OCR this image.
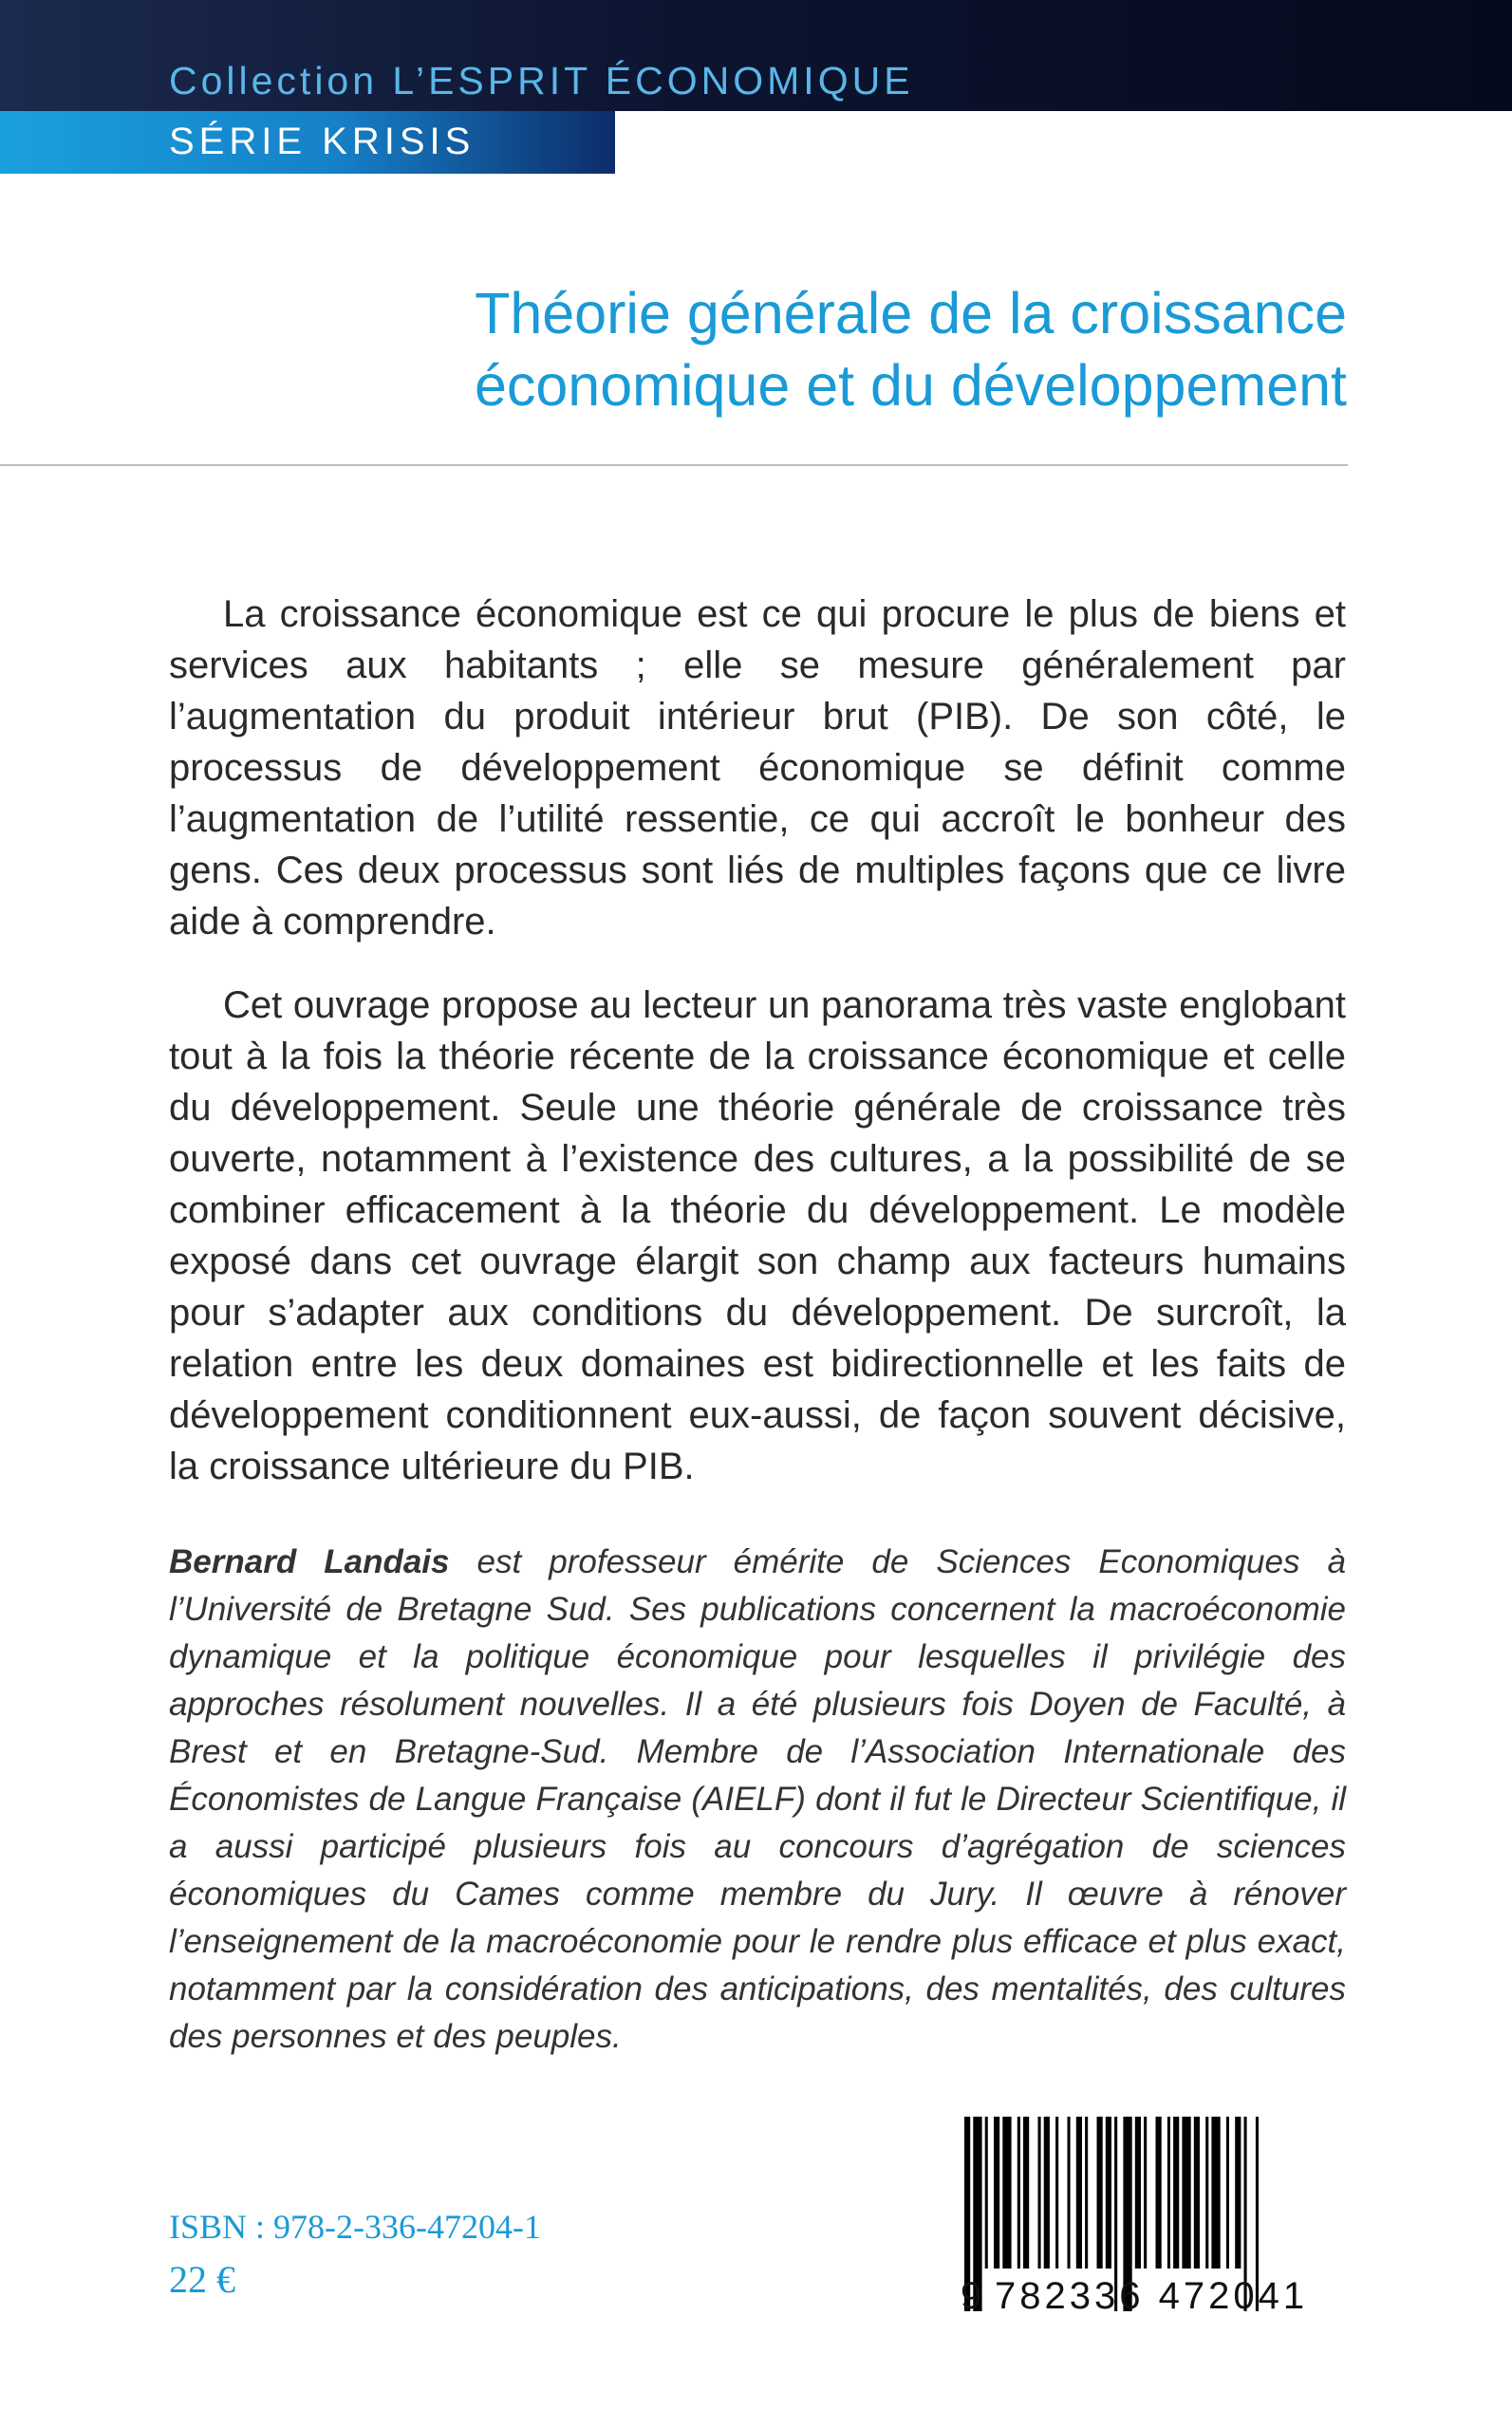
Collection L’ESPRIT ÉCONOMIQUE
SÉRIE KRISIS
Théorie générale de la croissance
économique et du développement

La croissance économique est ce qui procure le plus de biens et services aux habitants ; elle se mesure généralement par l’augmentation du produit intérieur brut (PIB). De son côté, le processus de développement économique se définit comme l’augmentation de l’utilité ressentie, ce qui accroît le bonheur des gens. Ces deux processus sont liés de multiples façons que ce livre aide à comprendre.

Cet ouvrage propose au lecteur un panorama très vaste englobant tout à la fois la théorie récente de la croissance économique et celle du développement. Seule une théorie générale de croissance très ouverte, notamment à l’existence des cultures, a la possibilité de se combiner efficacement à la théorie du développement. Le modèle exposé dans cet ouvrage élargit son champ aux facteurs humains pour s’adapter aux conditions du développement. De surcroît, la relation entre les deux domaines est bidirectionnelle et les faits de développement conditionnent eux-aussi, de façon souvent décisive, la croissance ultérieure du PIB.

Bernard Landais est professeur émérite de Sciences Economiques à l’Université de Bretagne Sud. Ses publications concernent la macroéconomie dynamique et la politique économique pour lesquelles il privilégie des approches résolument nouvelles. Il a été plusieurs fois Doyen de Faculté, à Brest et en Bretagne-Sud. Membre de l’Association Internationale des Économistes de Langue Française (AIELF) dont il fut le Directeur Scientifique, il a aussi participé plusieurs fois au concours d’agrégation de sciences économiques du Cames comme membre du Jury. Il œuvre à rénover l’enseignement de la macroéconomie pour le rendre plus efficace et plus exact, notamment par la considération des anticipations, des mentalités, des cultures des personnes et des peuples.
ISBN : 978-2-336-47204-1
22 €	9 782336 472041
